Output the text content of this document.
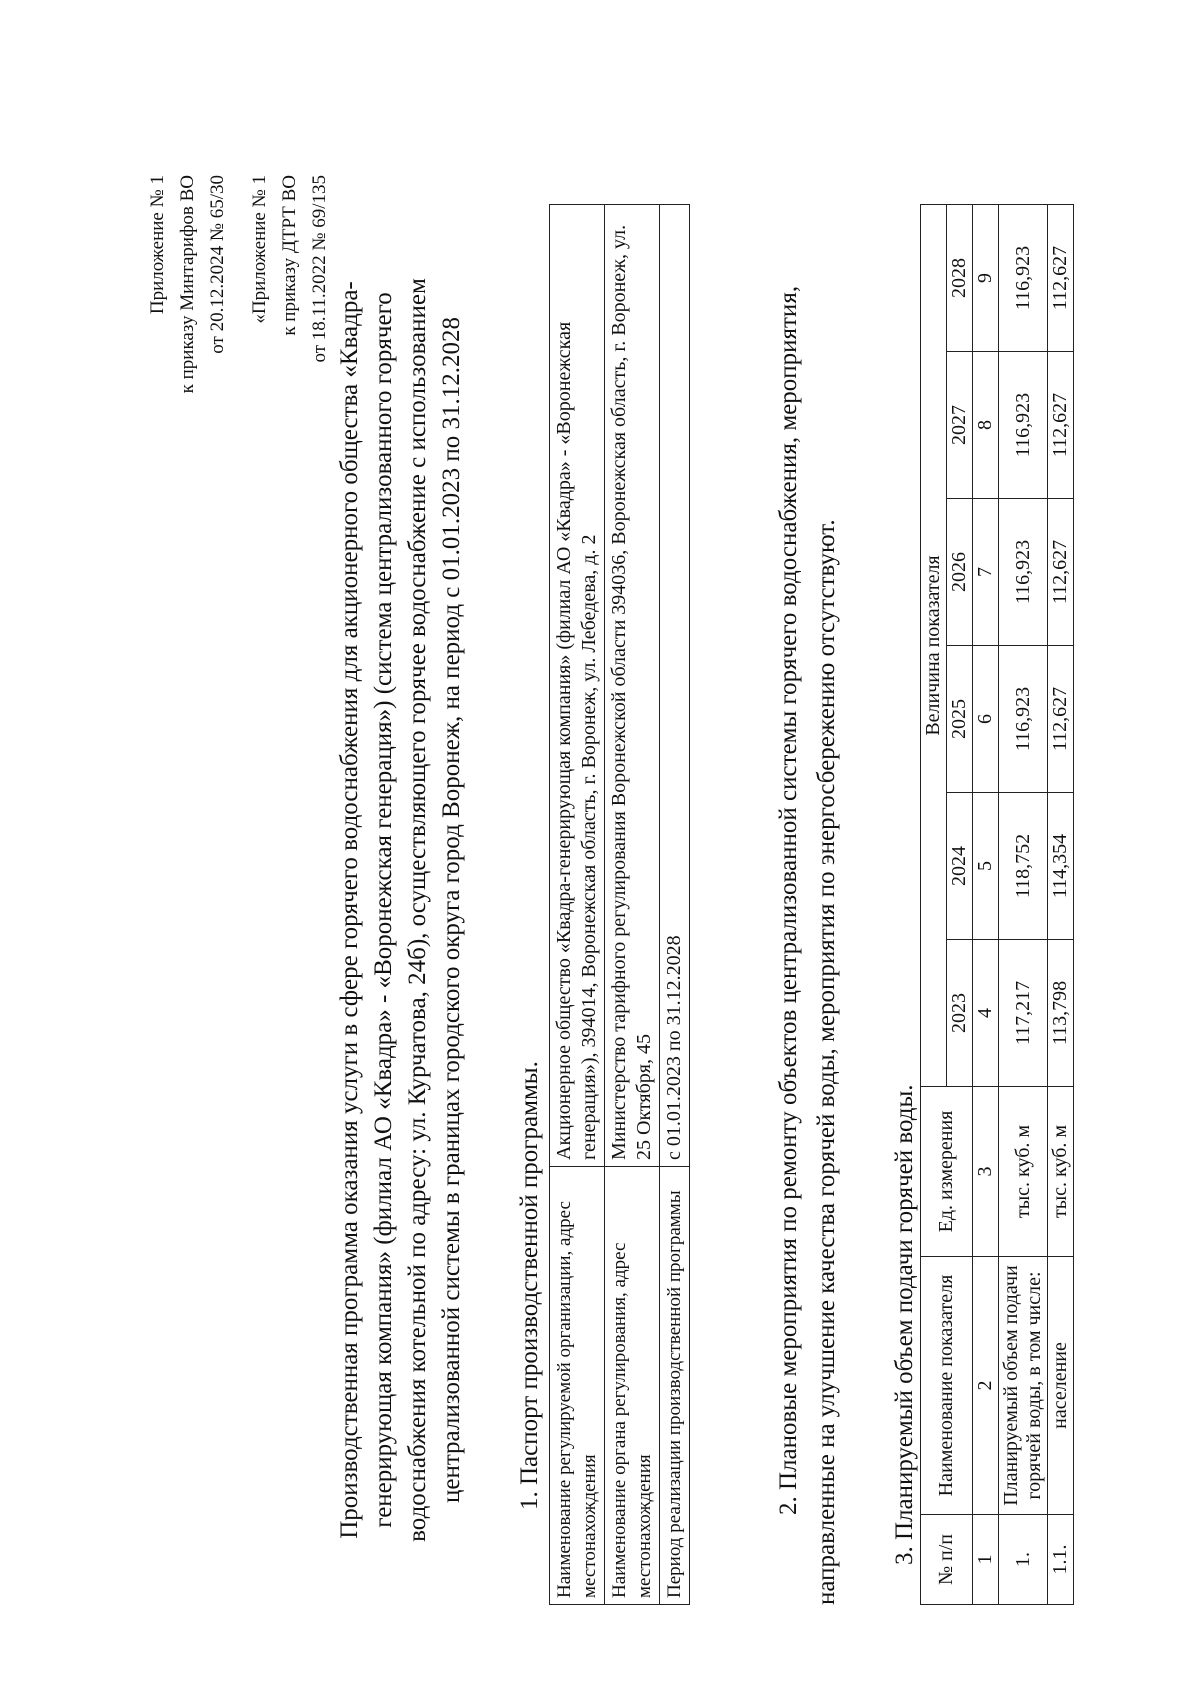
Приложение № 1 к приказу Минтарифов ВО от 20.12.2024 № 65/30 «Приложение № 1 к приказу ДТРТ ВО от 18.11.2022 № 69/135
Производственная программа оказания услуги в сфере горячего водоснабжения для акционерного общества «Квадра-генерирующая компания» (филиал АО «Квадра» - «Воронежская генерация») (система централизованного горячего водоснабжения котельной по адресу: ул. Курчатова, 24б), осуществляющего горячее водоснабжение с использованием централизованной системы в границах городского округа город Воронеж, на период с 01.01.2023 по 31.12.2028 1. Паспорт производственной программы. Наименование регулируемой организации, адрес местонахождения	Акционерное общество «Квадра-генерирующая компания» (филиал АО «Квадра» - «Воронежская генерация»), 394014, Воронежская область, г. Воронеж, ул. Лебедева, д. 2
Наименование органа регулирования, адрес местонахождения	Министерство тарифного регулирования Воронежской области 394036, Воронежская область, г. Воронеж, ул. 25 Октября, 45
Период реализации производственной программы	с 01.01.2023 по 31.12.2028	2. Плановые мероприятия по ремонту объектов централизованной системы горячего водоснабжения, мероприятия, направленные на улучшение качества горячей воды, мероприятия по энергосбережению отсутствуют. 3. Планируемый объем подачи горячей воды. № п/п	Наименование показателя	Ед. измерения	Величина показателя					
			2023	2024	2025	2026	2027	2028
1	2	3	4	5	6	7	8	9
1.	Планируемый объем подачи горячей воды, в том числе:	тыс. куб. м	117,217	118,752	116,923	116,923	116,923	116,923
1.1.	население	тыс. куб. м	113,798	114,354	112,627	112,627	112,627	112,627
